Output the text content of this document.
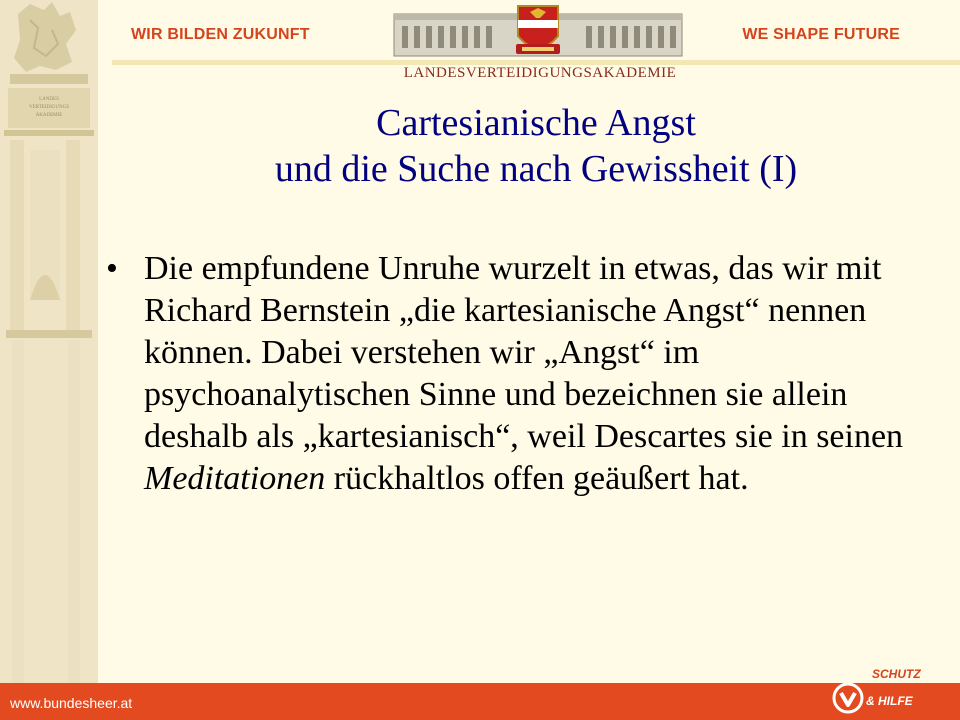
LANDES
VERTEIDIGUNGS
AKADEMIE
WIR BILDEN ZUKUNFT	WE SHAPE FUTURE
LANDESVERTEIDIGUNGSAKADEMIE
Cartesianische Angst
und die Suche nach Gewissheit (I)
• Die empfundene Unruhe wurzelt in etwas, das wir mit Richard Bernstein „die kartesianische Angst“ nennen können. Dabei verstehen wir „Angst“ im psychoanalytischen Sinne und bezeichnen sie allein deshalb als „kartesianisch“, weil Descartes sie in seinen Meditationen rückhaltlos offen geäußert hat.
www.bundesheer.at
SCHUTZ
& HILFE
